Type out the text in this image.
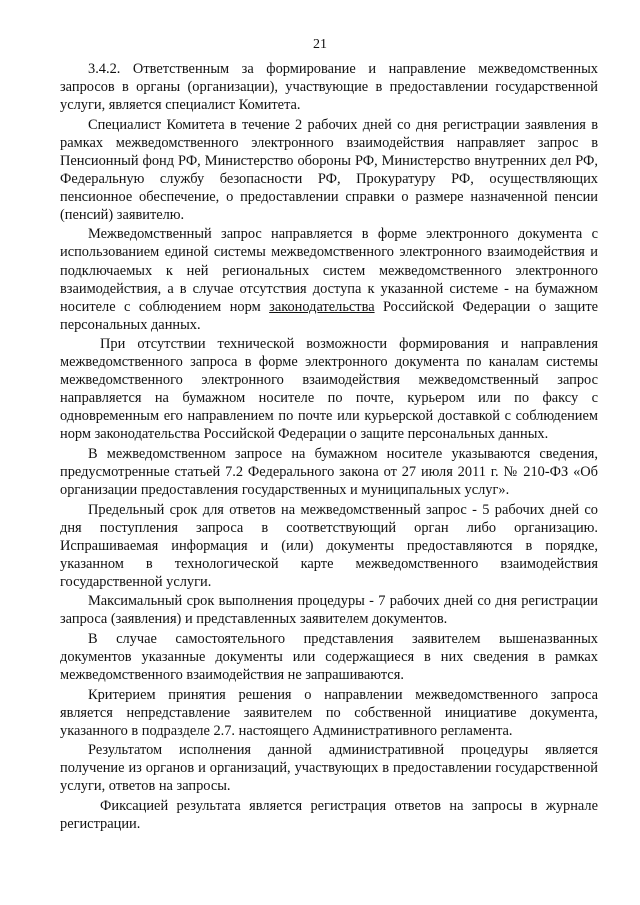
21

3.4.2. Ответственным за формирование и направление межведомственных запросов в органы (организации), участвующие в предоставлении государственной услуги, является специалист Комитета.

Специалист Комитета в течение 2 рабочих дней со дня регистрации заявления в рамках межведомственного электронного взаимодействия направляет запрос в Пенсионный фонд РФ, Министерство обороны РФ, Министерство внутренних дел РФ, Федеральную службу безопасности РФ, Прокуратуру РФ, осуществляющих пенсионное обеспечение, о предоставлении справки о размере назначенной пенсии (пенсий) заявителю.

Межведомственный запрос направляется в форме электронного документа с использованием единой системы межведомственного электронного взаимодействия и подключаемых к ней региональных систем межведомственного электронного взаимодействия, а в случае отсутствия доступа к указанной системе - на бумажном носителе с соблюдением норм законодательства Российской Федерации о защите персональных данных.

При отсутствии технической возможности формирования и направления межведомственного запроса в форме электронного документа по каналам системы межведомственного электронного взаимодействия межведомственный запрос направляется на бумажном носителе по почте, курьером или по факсу с одновременным его направлением по почте или курьерской доставкой с соблюдением норм законодательства Российской Федерации о защите персональных данных.

В межведомственном запросе на бумажном носителе указываются сведения, предусмотренные статьей 7.2 Федерального закона от 27 июля 2011 г. № 210-ФЗ «Об организации предоставления государственных и муниципальных услуг».

Предельный срок для ответов на межведомственный запрос - 5 рабочих дней со дня поступления запроса в соответствующий орган либо организацию. Испрашиваемая информация и (или) документы предоставляются в порядке, указанном в технологической карте межведомственного взаимодействия государственной услуги.

Максимальный срок выполнения процедуры - 7 рабочих дней со дня регистрации запроса (заявления) и представленных заявителем документов.

В случае самостоятельного представления заявителем вышеназванных документов указанные документы или содержащиеся в них сведения в рамках межведомственного взаимодействия не запрашиваются.

Критерием принятия решения о направлении межведомственного запроса является непредставление заявителем по собственной инициативе документа, указанного в подразделе 2.7. настоящего Административного регламента.

Результатом исполнения данной административной процедуры является получение из органов и организаций, участвующих в предоставлении государственной услуги, ответов на запросы.

Фиксацией результата является регистрация ответов на запросы в журнале регистрации.
